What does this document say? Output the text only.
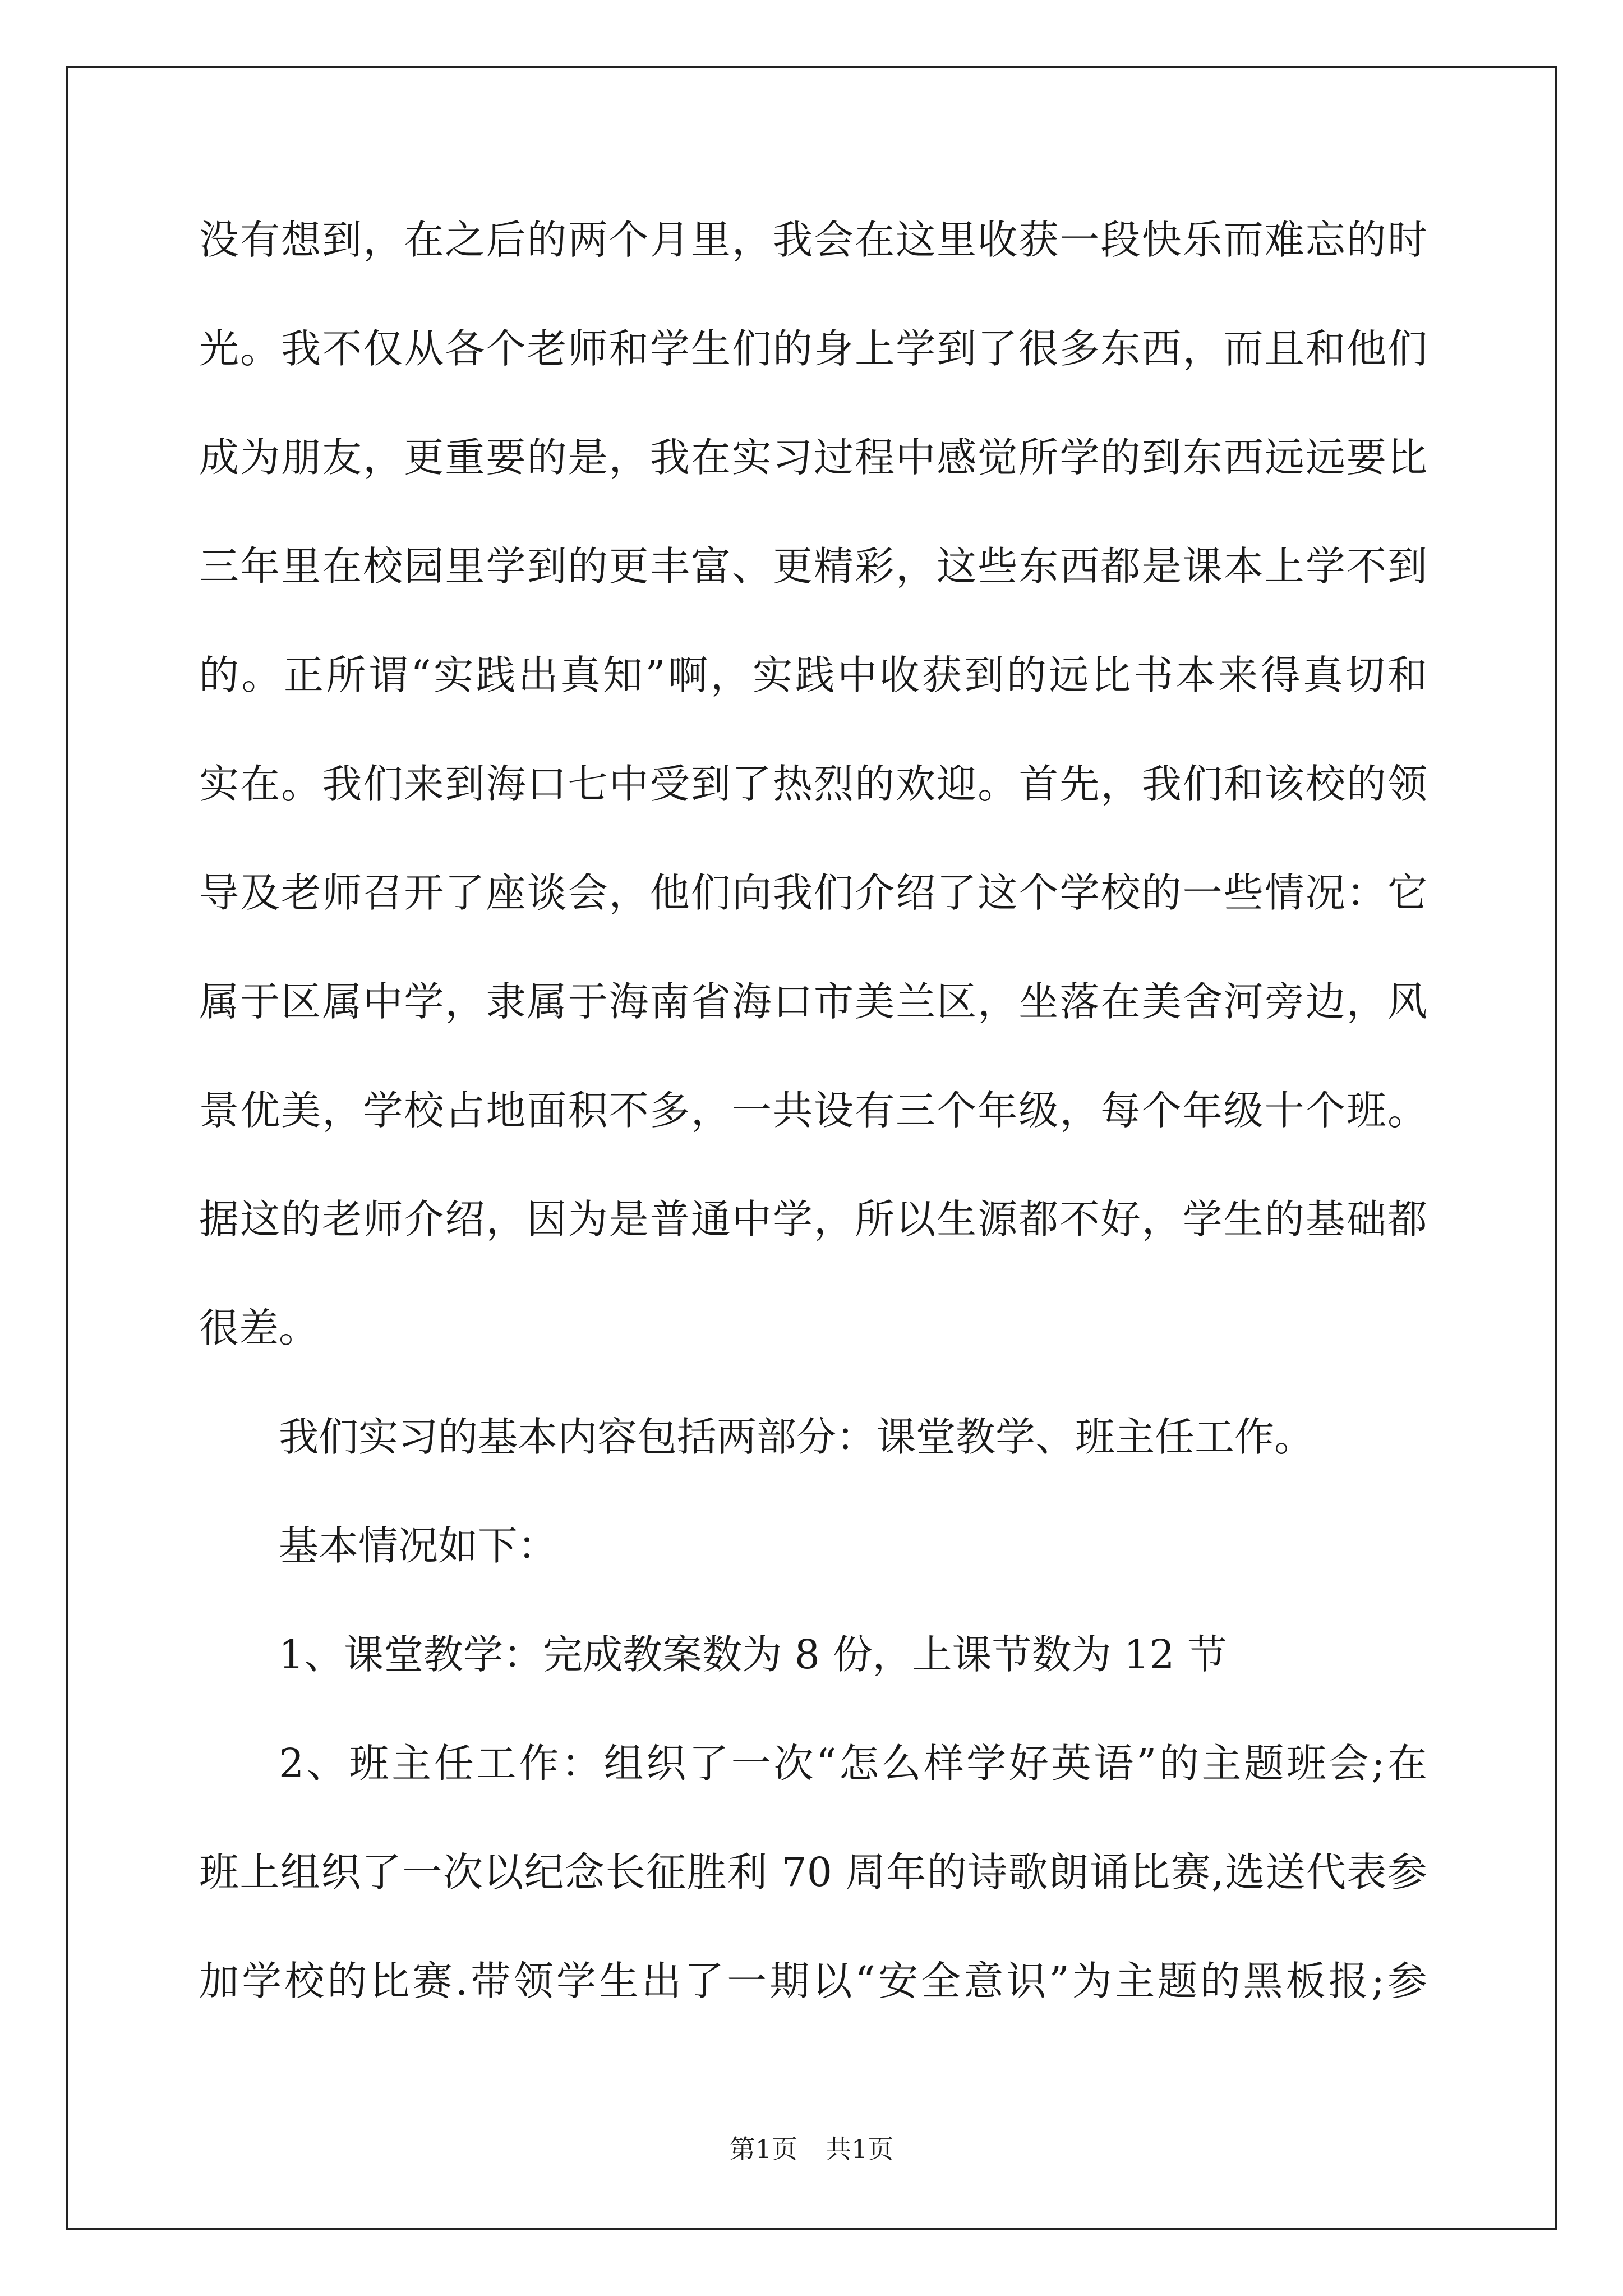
没有想到，在之后的两个月里，我会在这里收获一段快乐而难忘的时
光。我不仅从各个老师和学生们的身上学到了很多东西，而且和他们
成为朋友，更重要的是，我在实习过程中感觉所学的到东西远远要比
三年里在校园里学到的更丰富、更精彩，这些东西都是课本上学不到
的。正所谓“实践出真知”啊，实践中收获到的远比书本来得真切和
实在。我们来到海口七中受到了热烈的欢迎。首先，我们和该校的领
导及老师召开了座谈会，他们向我们介绍了这个学校的一些情况：它
属于区属中学，隶属于海南省海口市美兰区，坐落在美舍河旁边，风
景优美，学校占地面积不多，一共设有三个年级，每个年级十个班。
据这的老师介绍，因为是普通中学，所以生源都不好，学生的基础都
很差。
我们实习的基本内容包括两部分：课堂教学、班主任工作。
基本情况如下：
1、课堂教学：完成教案数为 8 份，上课节数为 12 节
2、班主任工作：组织了一次“怎么样学好英语”的主题班会;在
班上组织了一次以纪念长征胜利 70 周年的诗歌朗诵比赛,选送代表参
加学校的比赛.带领学生出了一期以“安全意识”为主题的黑板报;参
第1页 共1页
